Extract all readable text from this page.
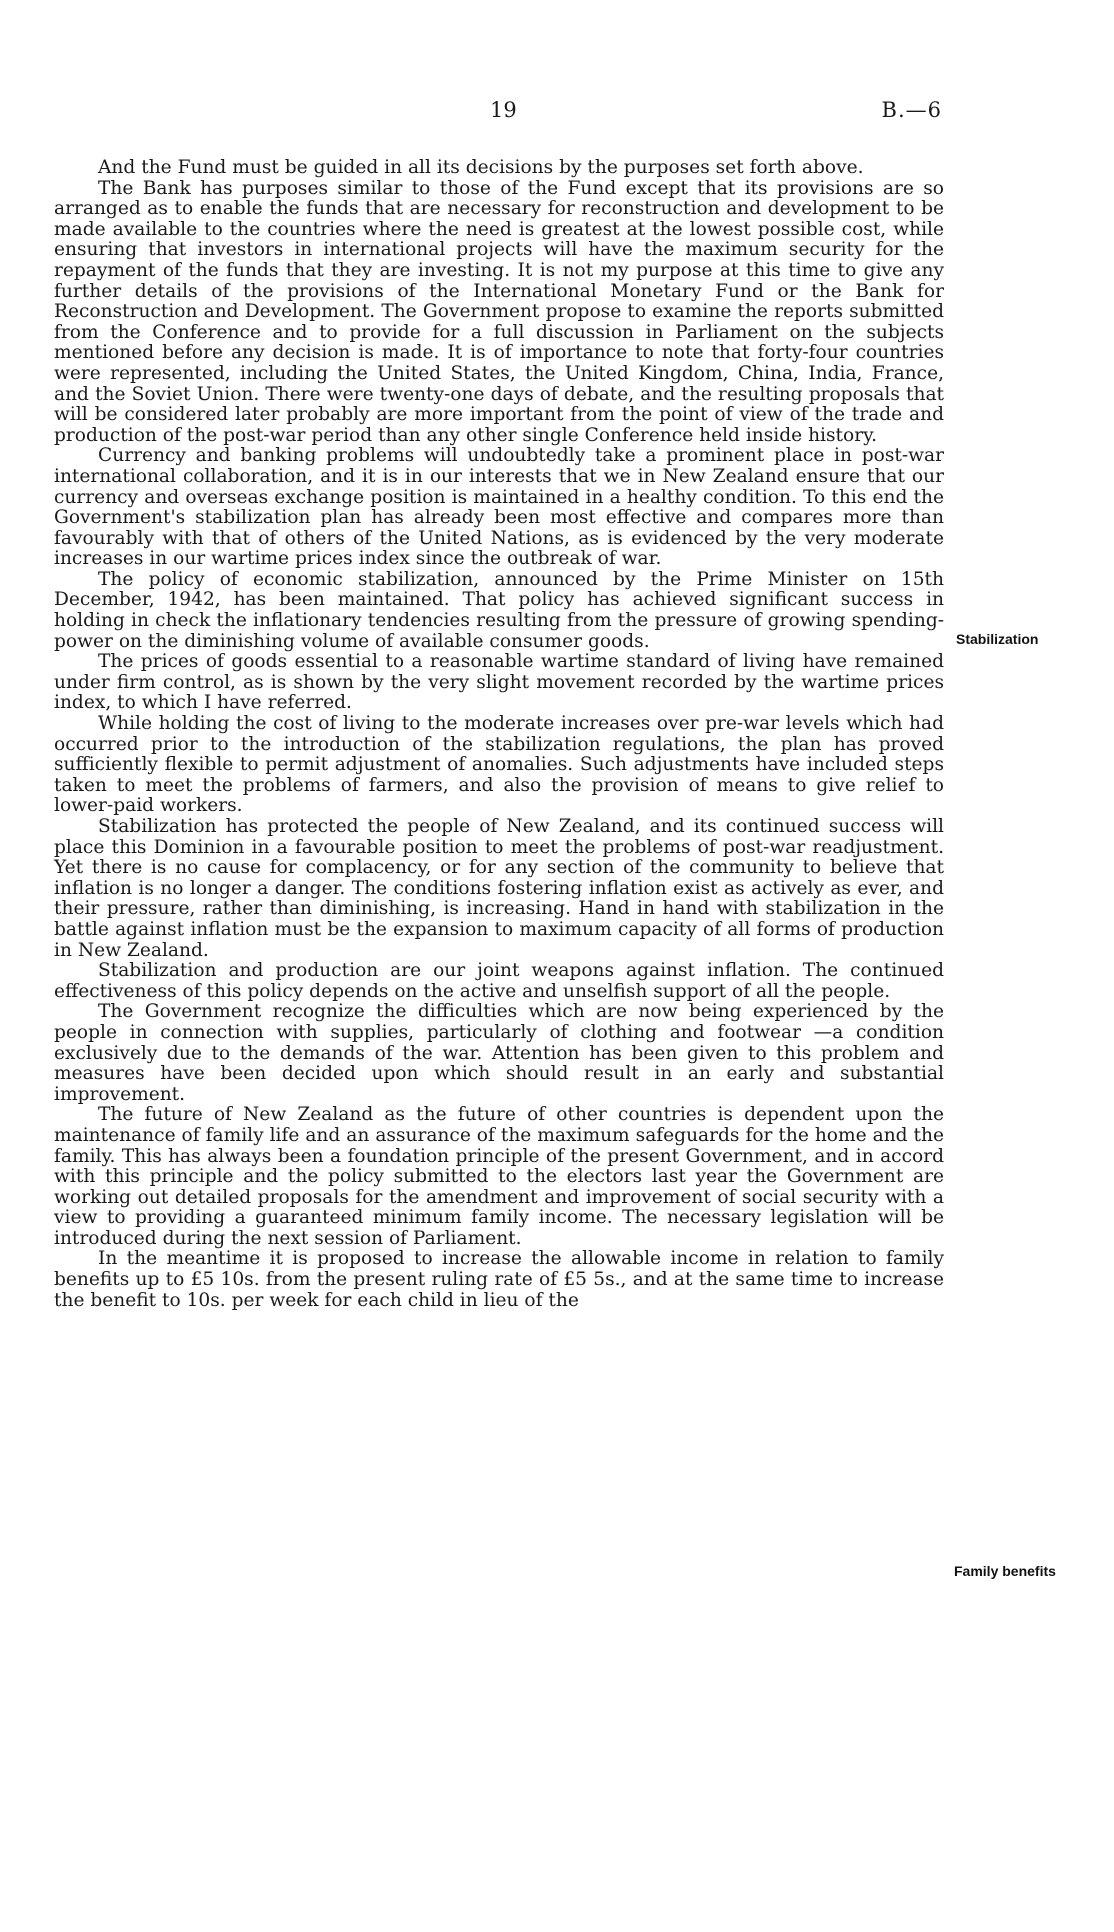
19	B.—6

And the Fund must be guided in all its decisions by the purposes set forth above.

The Bank has purposes similar to those of the Fund except that its provisions are so arranged as to enable the funds that are necessary for reconstruction and development to be made available to the countries where the need is greatest at the lowest possible cost, while ensuring that investors in international projects will have the maximum security for the repayment of the funds that they are investing. It is not my purpose at this time to give any further details of the provisions of the International Monetary Fund or the Bank for Reconstruction and Development. The Government propose to examine the reports submitted from the Conference and to provide for a full discussion in Parliament on the subjects mentioned before any decision is made. It is of importance to note that forty-four countries were represented, including the United States, the United Kingdom, China, India, France, and the Soviet Union. There were twenty-one days of debate, and the resulting proposals that will be considered later probably are more important from the point of view of the trade and production of the post-war period than any other single Conference held inside history.

Currency and banking problems will undoubtedly take a prominent place in post-war international collaboration, and it is in our interests that we in New Zealand ensure that our currency and overseas exchange position is maintained in a healthy condition. To this end the Government's stabilization plan has already been most effective and compares more than favourably with that of others of the United Nations, as is evidenced by the very moderate increases in our wartime prices index since the outbreak of war.

The policy of economic stabilization, announced by the Prime Minister on 15th December, 1942, has been maintained. That policy has achieved significant success in holding in check the inflationary tendencies resulting from the pressure of growing spending-power on the diminishing volume of available consumer goods.

The prices of goods essential to a reasonable wartime standard of living have remained under firm control, as is shown by the very slight movement recorded by the wartime prices index, to which I have referred.

While holding the cost of living to the moderate increases over pre-war levels which had occurred prior to the introduction of the stabilization regulations, the plan has proved sufficiently flexible to permit adjustment of anomalies. Such adjustments have included steps taken to meet the problems of farmers, and also the provision of means to give relief to lower-paid workers.

Stabilization has protected the people of New Zealand, and its continued success will place this Dominion in a favourable position to meet the problems of post-war readjustment. Yet there is no cause for complacency, or for any section of the community to believe that inflation is no longer a danger. The conditions fostering inflation exist as actively as ever, and their pressure, rather than diminishing, is increasing. Hand in hand with stabilization in the battle against inflation must be the expansion to maximum capacity of all forms of production in New Zealand.

Stabilization and production are our joint weapons against inflation. The continued effectiveness of this policy depends on the active and unselfish support of all the people.

The Government recognize the difficulties which are now being experienced by the people in connection with supplies, particularly of clothing and footwear —a condition exclusively due to the demands of the war. Attention has been given to this problem and measures have been decided upon which should result in an early and substantial improvement.

The future of New Zealand as the future of other countries is dependent upon the maintenance of family life and an assurance of the maximum safeguards for the home and the family. This has always been a foundation principle of the present Government, and in accord with this principle and the policy submitted to the electors last year the Government are working out detailed proposals for the amendment and improvement of social security with a view to providing a guaranteed minimum family income. The necessary legislation will be introduced during the next session of Parliament.

In the meantime it is proposed to increase the allowable income in relation to family benefits up to £5 10s. from the present ruling rate of £5 5s., and at the same time to increase the benefit to 10s. per week for each child in lieu of the

Stabilization
Family benefits
